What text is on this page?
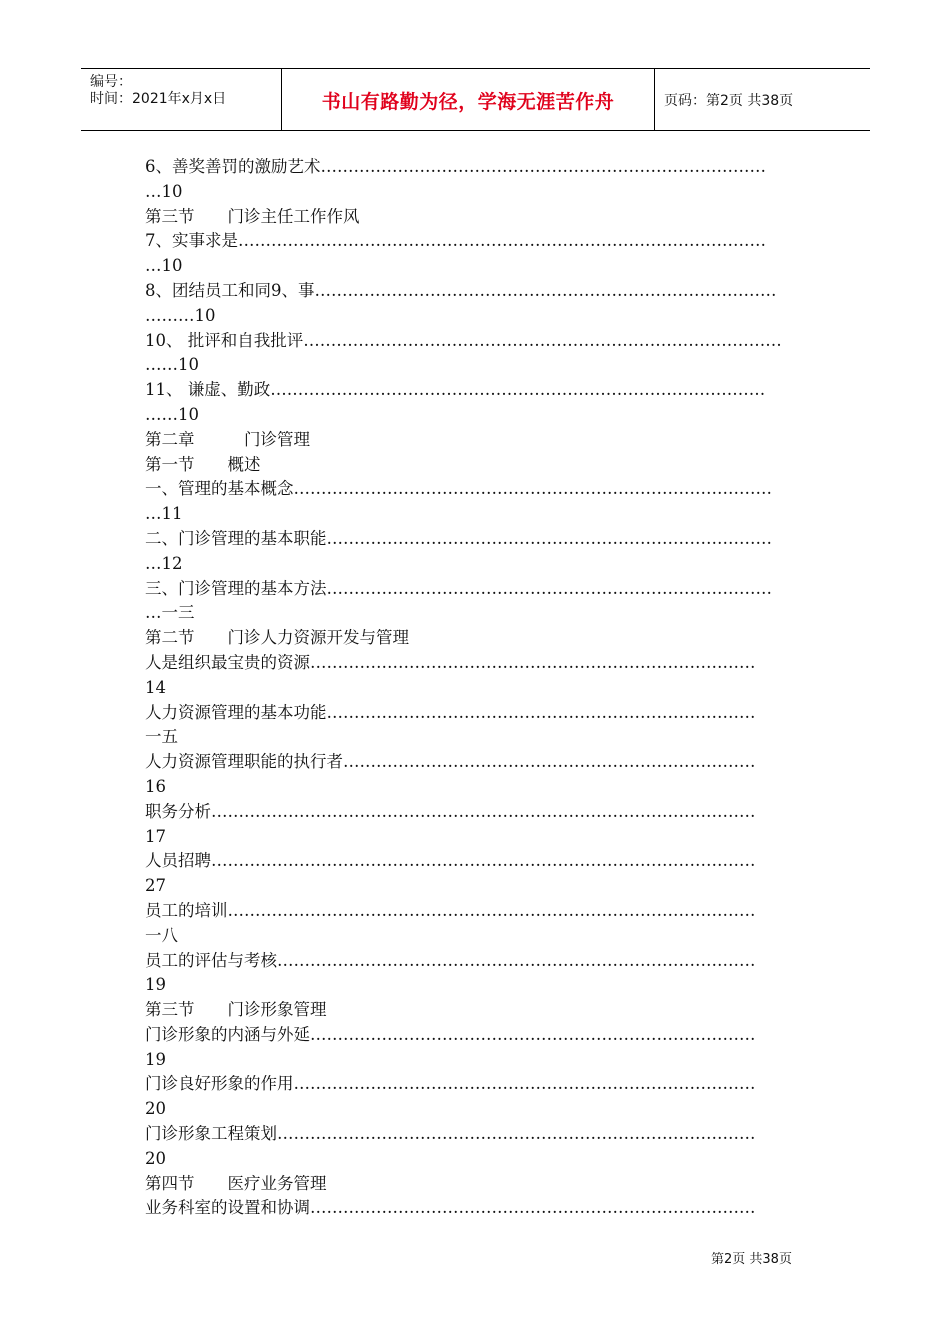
编号：
时间：2021年x月x日	书山有路勤为径，学海无涯苦作舟	页码：第2页 共38页
6、善奖善罚的激励艺术………………………………………………………………………
…10
第三节　　门诊主任工作作风
7、实事求是……………………………………………………………………………………
…10
8、团结员工和同9、事…………………………………………………………………………
………10
10、 批评和自我批评……………………………………………………………………………
……10
11、 谦虚、勤政………………………………………………………………………………
……10
第二章　　　门诊管理
第一节　　概述
一、管理的基本概念……………………………………………………………………………
…11
二、门诊管理的基本职能………………………………………………………………………
…12
三、门诊管理的基本方法………………………………………………………………………
…一三
第二节　　门诊人力资源开发与管理
人是组织最宝贵的资源………………………………………………………………………
14
人力资源管理的基本功能……………………………………………………………………
一五
人力资源管理职能的执行者…………………………………………………………………
16
职务分析………………………………………………………………………………………
17
人员招聘………………………………………………………………………………………
27
员工的培训……………………………………………………………………………………
一八
员工的评估与考核……………………………………………………………………………
19
第三节　　门诊形象管理
门诊形象的内涵与外延………………………………………………………………………
19
门诊良好形象的作用…………………………………………………………………………
20
门诊形象工程策划……………………………………………………………………………
20
第四节　　医疗业务管理
业务科室的设置和协调………………………………………………………………………
第2页 共38页
